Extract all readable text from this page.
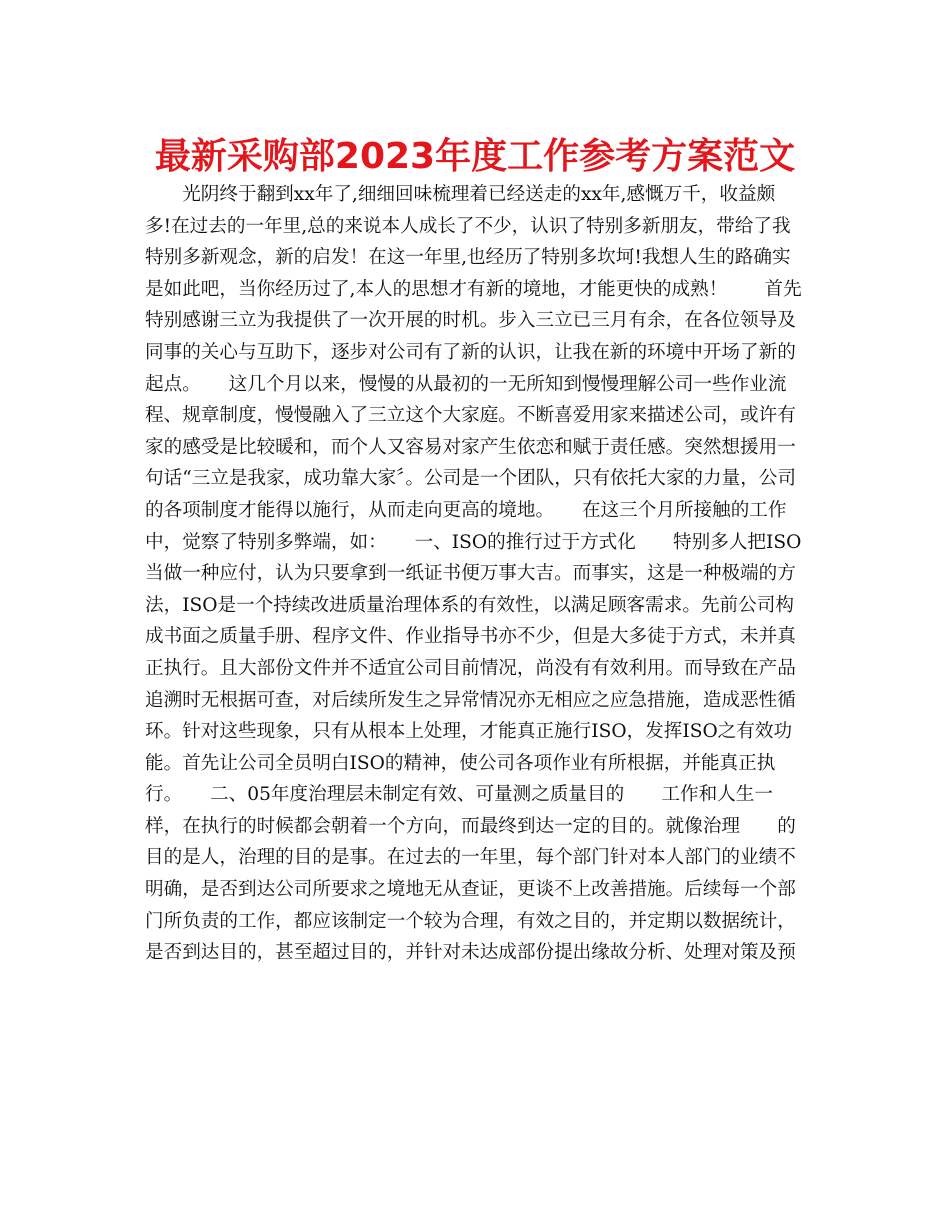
最新采购部2023年度工作参考方案范文
　　光阴终于翻到xx年了,细细回味梳理着已经送走的xx年,感慨万千，收益颇
多!在过去的一年里,总的来说本人成长了不少，认识了特别多新朋友，带给了我
特别多新观念，新的启发！在这一年里,也经历了特别多坎坷!我想人生的路确实
是如此吧，当你经历过了,本人的思想才有新的境地，才能更快的成熟！　　首先
特别感谢三立为我提供了一次开展的时机。步入三立已三月有余，在各位领导及
同事的关心与互助下，逐步对公司有了新的认识，让我在新的环境中开场了新的
起点。　　这几个月以来，慢慢的从最初的一无所知到慢慢理解公司一些作业流
程、规章制度，慢慢融入了三立这个大家庭。不断喜爱用家来描述公司，或许有
家的感受是比较暖和，而个人又容易对家产生依恋和赋于责任感。突然想援用一
句话“三立是我家，成功靠大家〞。公司是一个团队，只有依托大家的力量，公司
的各项制度才能得以施行，从而走向更高的境地。　　在这三个月所接触的工作
中，觉察了特别多弊端，如：　　一、ISO的推行过于方式化　　特别多人把ISO
当做一种应付，认为只要拿到一纸证书便万事大吉。而事实，这是一种极端的方
法，ISO是一个持续改进质量治理体系的有效性，以满足顾客需求。先前公司构
成书面之质量手册、程序文件、作业指导书亦不少，但是大多徒于方式，未并真
正执行。且大部份文件并不适宜公司目前情况，尚没有有效利用。而导致在产品
追溯时无根据可查，对后续所发生之异常情况亦无相应之应急措施，造成恶性循
环。针对这些现象，只有从根本上处理，才能真正施行ISO，发挥ISO之有效功
能。首先让公司全员明白ISO的精神，使公司各项作业有所根据，并能真正执
行。　　二、05年度治理层未制定有效、可量测之质量目的　　工作和人生一
样，在执行的时候都会朝着一个方向，而最终到达一定的目的。就像治理　　的
目的是人，治理的目的是事。在过去的一年里，每个部门针对本人部门的业绩不
明确，是否到达公司所要求之境地无从查证，更谈不上改善措施。后续每一个部
门所负责的工作，都应该制定一个较为合理，有效之目的，并定期以数据统计，
是否到达目的，甚至超过目的，并针对未达成部份提出缘故分析、处理对策及预
